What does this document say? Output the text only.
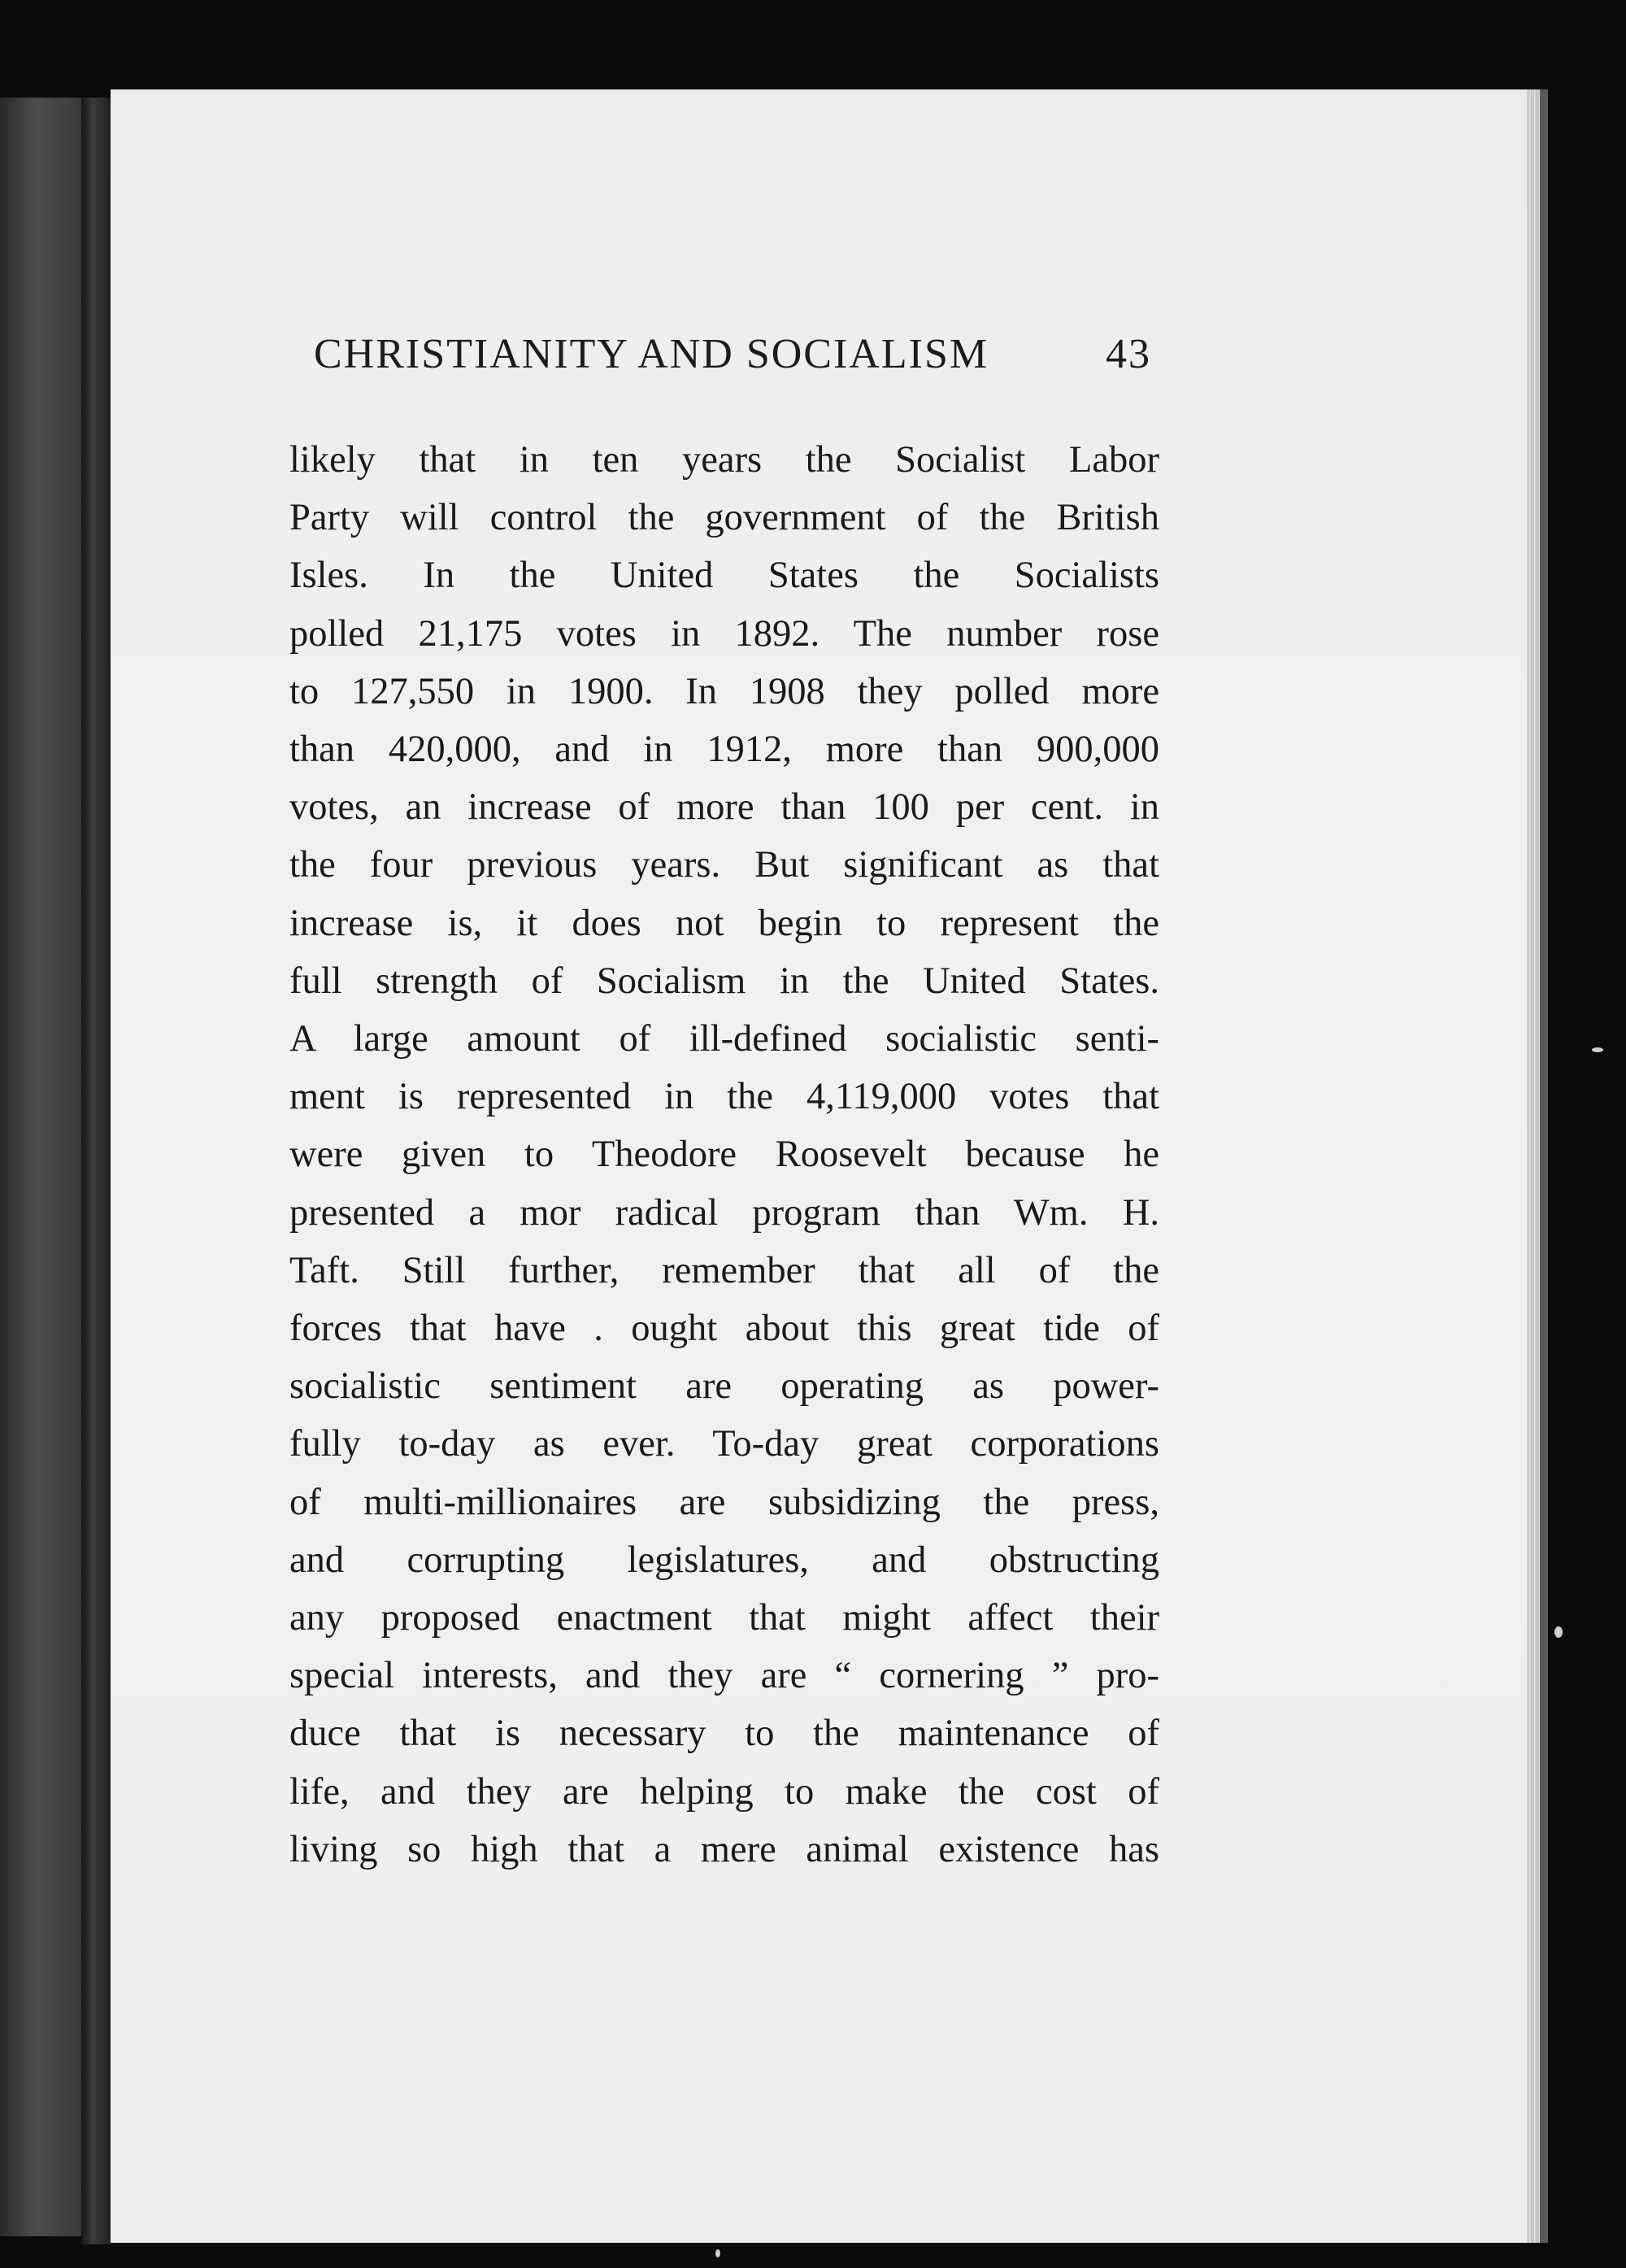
CHRISTIANITY AND SOCIALISM	43
likely that in ten years the Socialist Labor
Party will control the government of the British
Isles. In the United States the Socialists
polled 21,175 votes in 1892. The number rose
to 127,550 in 1900. In 1908 they polled more
than 420,000, and in 1912, more than 900,000
votes, an increase of more than 100 per cent. in
the four previous years. But significant as that
increase is, it does not begin to represent the
full strength of Socialism in the United States.
A large amount of ill-defined socialistic senti-
ment is represented in the 4,119,000 votes that
were given to Theodore Roosevelt because he
presented a mor radical program than Wm. H.
Taft. Still further, remember that all of the
forces that have . ought about this great tide of
socialistic sentiment are operating as power-
fully to-day as ever. To-day great corporations
of multi-millionaires are subsidizing the press,
and corrupting legislatures, and obstructing
any proposed enactment that might affect their
special interests, and they are “ cornering ” pro-
duce that is necessary to the maintenance of
life, and they are helping to make the cost of
living so high that a mere animal existence has
